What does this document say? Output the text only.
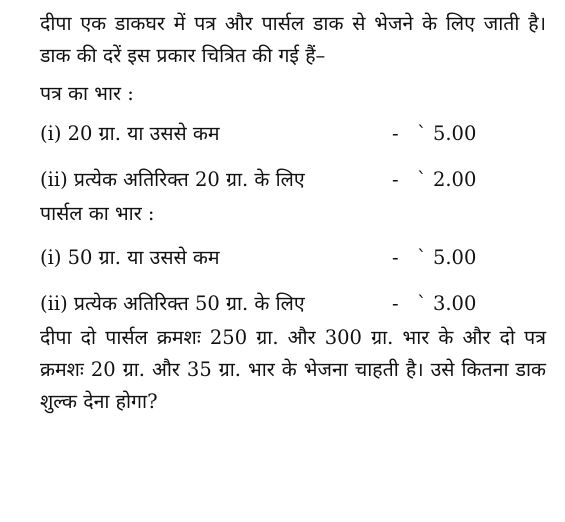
दीपा एक डाकघर में पत्र और पार्सल डाक से भेजने के लिए जाती है। डाक की दरें इस प्रकार चित्रित की गई हैं–

पत्र का भार :

(i) 20 ग्रा. या उससे कम	- ` 5.00
(ii) प्रत्येक अतिरिक्त 20 ग्रा. के लिए	- ` 2.00

पार्सल का भार :

(i) 50 ग्रा. या उससे कम	- ` 5.00
(ii) प्रत्येक अतिरिक्त 50 ग्रा. के लिए	- ` 3.00

दीपा दो पार्सल क्रमशः 250 ग्रा. और 300 ग्रा. भार के और दो पत्र क्रमशः 20 ग्रा. और 35 ग्रा. भार के भेजना चाहती है। उसे कितना डाक शुल्क देना होगा?
